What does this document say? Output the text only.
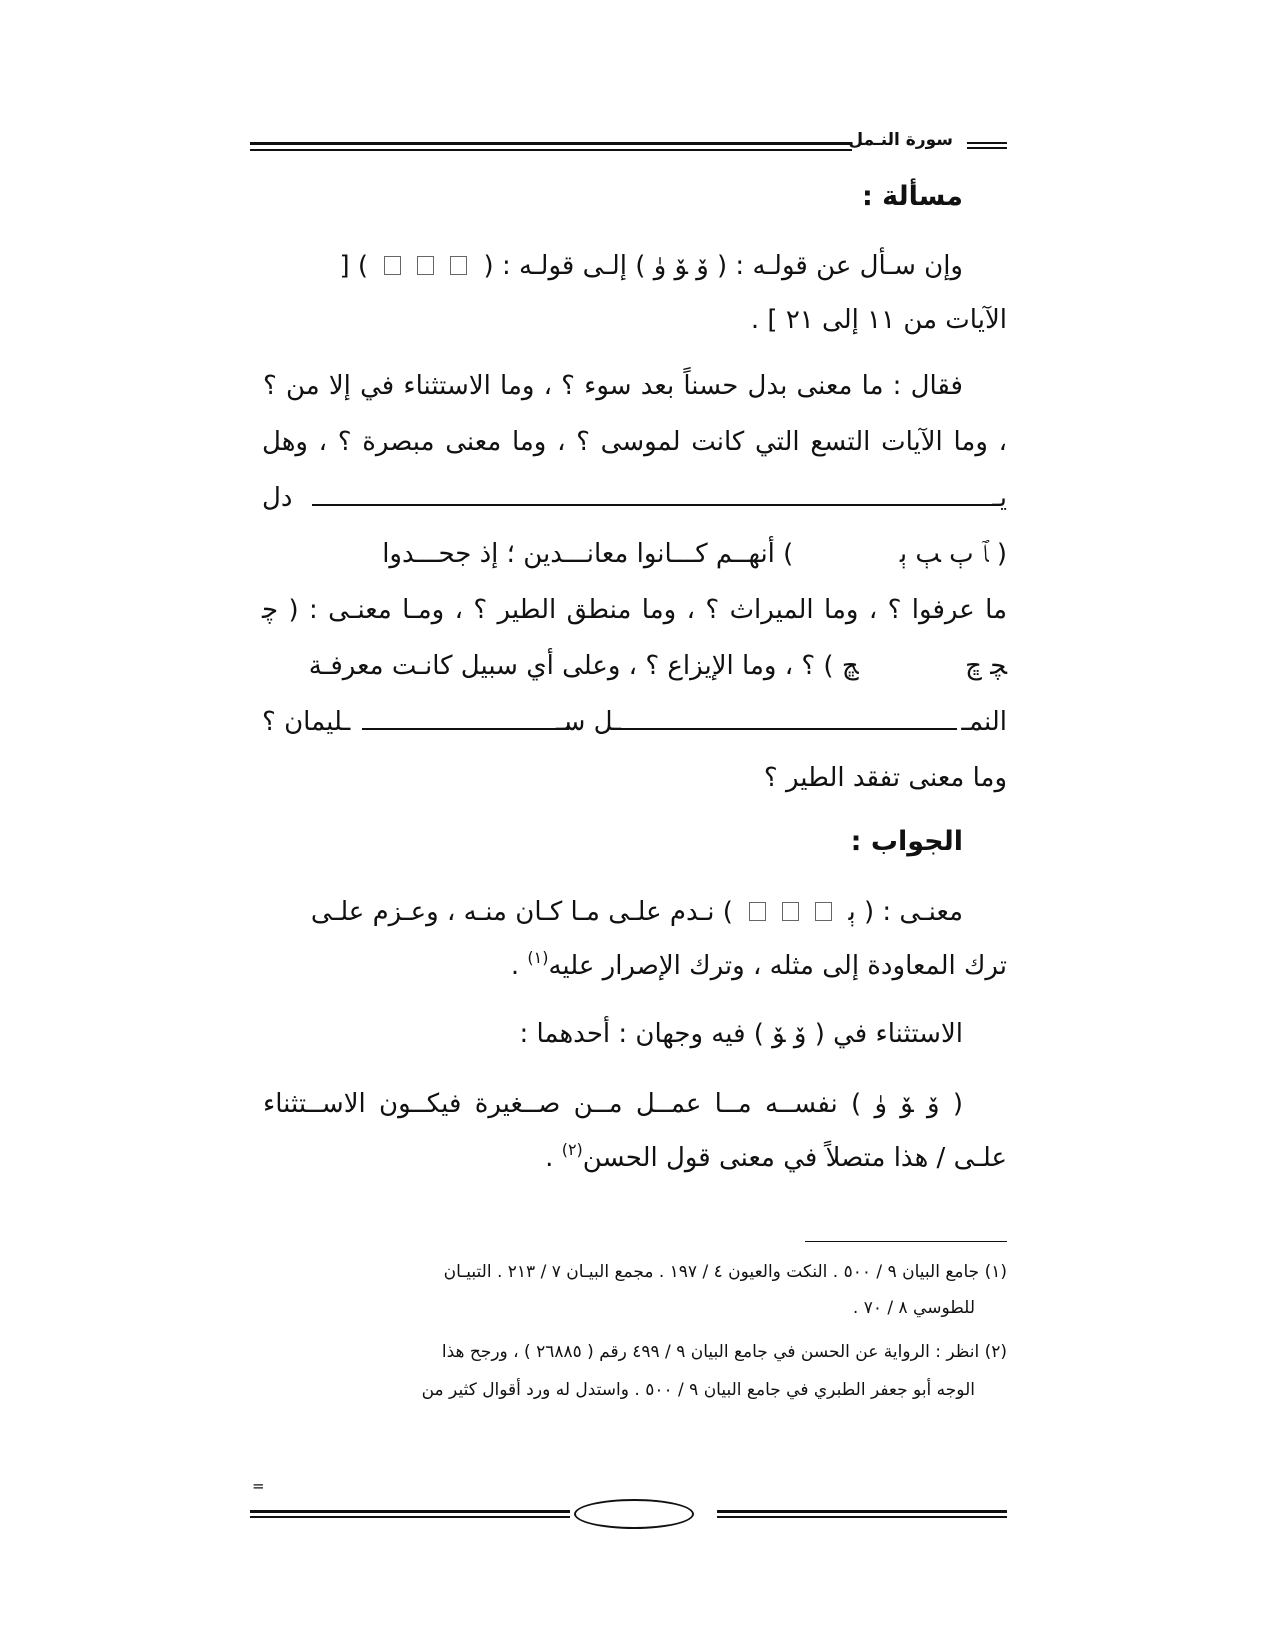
سورة النـمل
مسألة :
وإن سـأل عن قولـه : ( ﯙ ﯚ ﯛ ) إلـى قولـه : (  ) [
الآيات من ١١ إلى ٢١ ] .
فقال : ما معنى بدل حسناً بعد سوء ؟ ، وما الاستثناء في إلا من ؟
، وما الآيات التسع التي كانت لموسى ؟ ، وما معنى مبصرة ؟ ، وهل
يـ
دل
( ﭑ ﭒ ﭓ ﭔ  ) أنهــم كـــانوا معانـــدين ؛ إذ جحـــدوا
ما عرفوا ؟ ، وما الميراث ؟ ، وما منطق الطير ؟ ، ومـا معنـى : ( ﭼ
ﭽ ﭾ  ﭿ ) ؟ ، وما الإيزاع ؟ ، وعلى أي سبيل كانـت معرفـة
النمـ
ـل سـ
ـليمان ؟
وما معنى تفقد الطير ؟
الجواب :
معنـى : ( ﭔ  ) نـدم علـى مـا كـان منـه ، وعـزم علـى
ترك المعاودة إلى مثله ، وترك الإصرار عليه$^{(١)}$ .
الاستثناء في ( ﯙ ﯚ ) فيه وجهان : أحدهما :
( ﯙ ﯚ ﯛ ) نفســه مــا عمــل مــن صــغيرة فيكــون الاســتثناء
علـى / هذا متصلاً في معنى قول الحسن$^{(٢)}$ .
(١) جامع البيان ٩ / ٥٠٠ . النكت والعيون ٤ / ١٩٧ . مجمع البيـان ٧ / ٢١٣ . التبيـان
للطوسي ٨ / ٧٠ .
(٢) انظر : الرواية عن الحسن في جامع البيان ٩ / ٤٩٩ رقم ( ٢٦٨٨٥ ) ، ورجح هذا
الوجه أبو جعفر الطبري في جامع البيان ٩ / ٥٠٠ . واستدل له ورد أقوال كثير من
=
